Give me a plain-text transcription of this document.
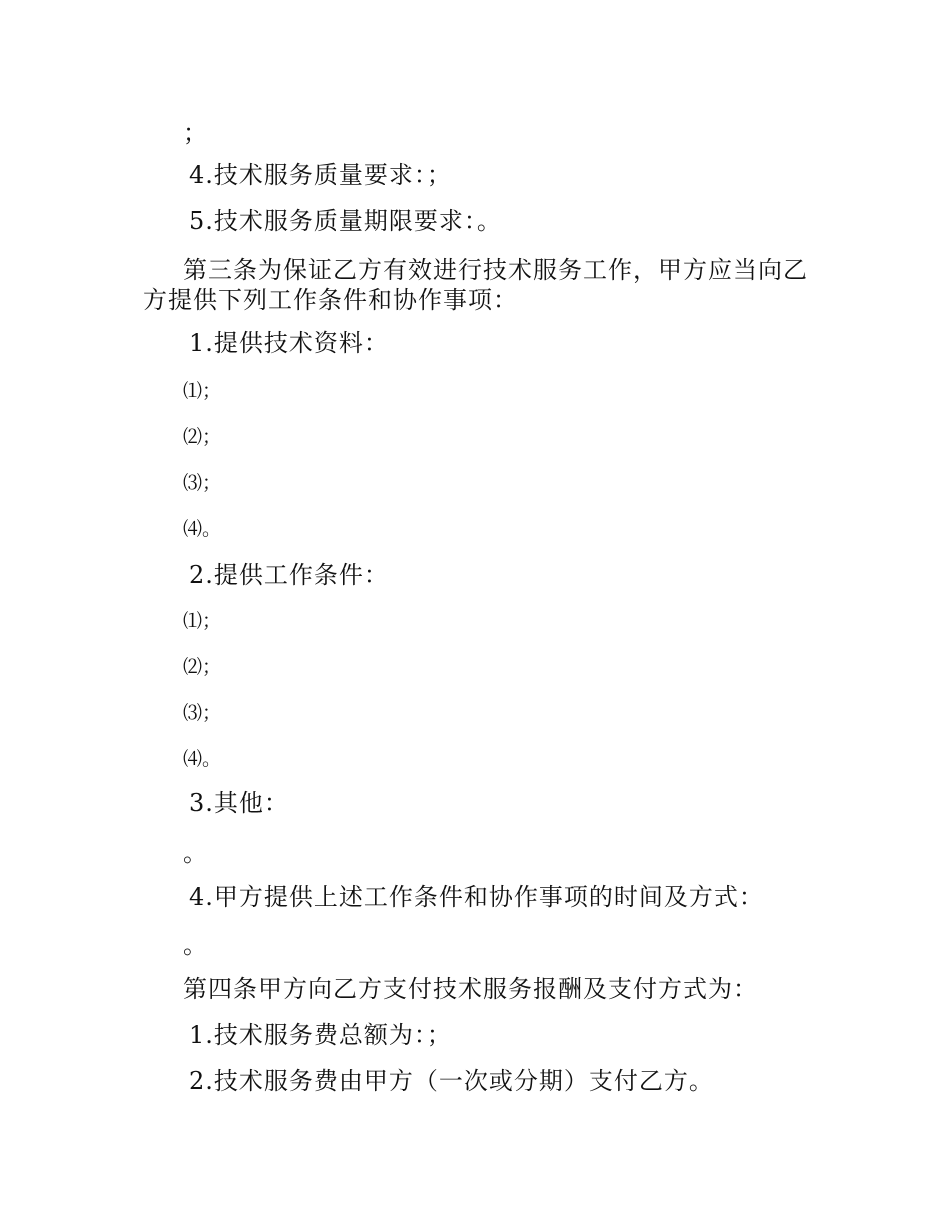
；
4.技术服务质量要求：；
5.技术服务质量期限要求：。
第三条为保证乙方有效进行技术服务工作，甲方应当向乙方提供下列工作条件和协作事项：
1.提供技术资料：
⑴；
⑵；
⑶；
⑷。
2.提供工作条件：
⑴；
⑵；
⑶；
⑷。
3.其他：
。
4.甲方提供上述工作条件和协作事项的时间及方式：
。
第四条甲方向乙方支付技术服务报酬及支付方式为：
1.技术服务费总额为：；
2.技术服务费由甲方（一次或分期）支付乙方。
